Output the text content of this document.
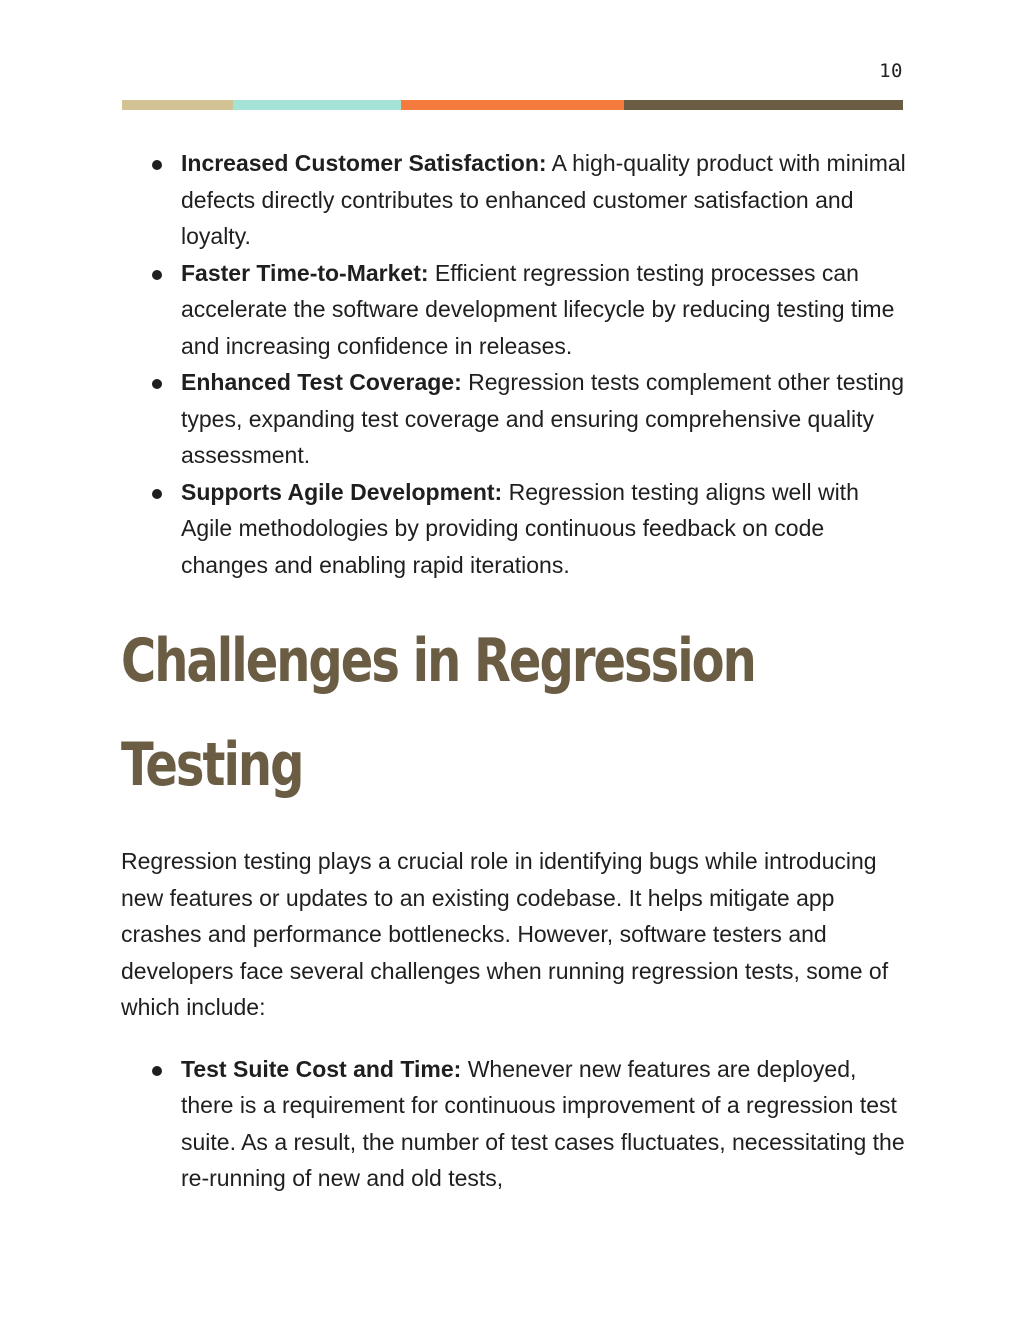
10
Increased Customer Satisfaction: A high-quality product with minimal defects directly contributes to enhanced customer satisfaction and loyalty.
Faster Time-to-Market: Efficient regression testing processes can accelerate the software development lifecycle by reducing testing time and increasing confidence in releases.
Enhanced Test Coverage: Regression tests complement other testing types, expanding test coverage and ensuring comprehensive quality assessment.
Supports Agile Development: Regression testing aligns well with Agile methodologies by providing continuous feedback on code changes and enabling rapid iterations.
Challenges in Regression
Testing

Regression testing plays a crucial role in identifying bugs while introducing new features or updates to an existing codebase. It helps mitigate app crashes and performance bottlenecks. However, software testers and developers face several challenges when running regression tests, some of which include:

Test Suite Cost and Time: Whenever new features are deployed, there is a requirement for continuous improvement of a regression test suite. As a result, the number of test cases fluctuates, necessitating the re-running of new and old tests,
